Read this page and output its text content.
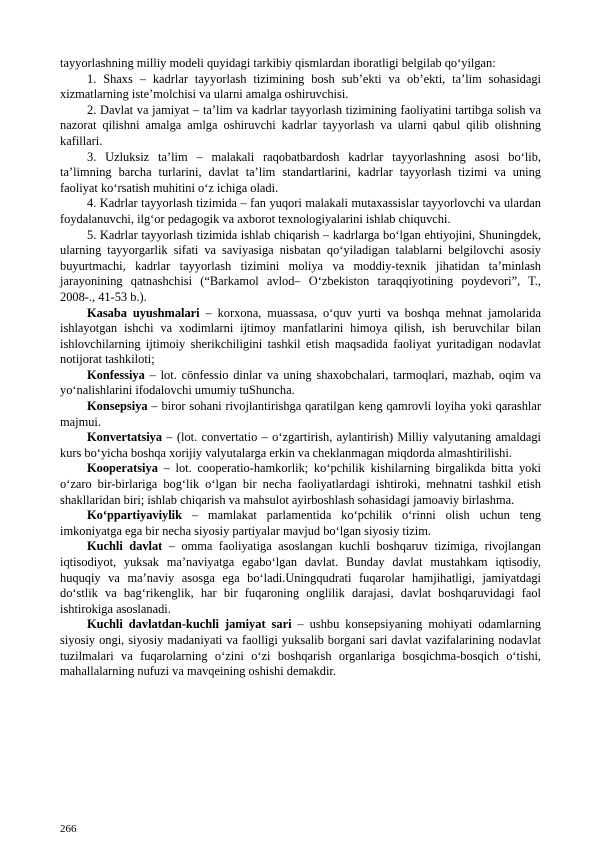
tayyorlashning milliy modeli quyidagi tarkibiy qismlardan iboratligi belgilab qo‘yilgan:

1. Shaxs – kadrlar tayyorlash tizimining bosh sub’ekti va ob’ekti, ta’lim sohasidagi xizmatlarning iste’molchisi va ularni amalga oshiruvchisi.

2. Davlat va jamiyat – ta’lim va kadrlar tayyorlash tizimining faoliyatini tartibga solish va nazorat qilishni amalga amlga oshiruvchi kadrlar tayyorlash va ularni qabul qilib olishning kafillari.

3. Uzluksiz ta’lim – malakali raqobatbardosh kadrlar tayyorlashning asosi bo‘lib, ta’limning barcha turlarini, davlat ta’lim standartlarini, kadrlar tayyorlash tizimi va uning faoliyat ko‘rsatish muhitini o‘z ichiga oladi.

4. Kadrlar tayyorlash tizimida – fan yuqori malakali mutaxassislar tayyorlovchi va ulardan foydalanuvchi, ilg‘or pedagogik va axborot texnologiyalarini ishlab chiquvchi.

5. Kadrlar tayyorlash tizimida ishlab chiqarish – kadrlarga bo‘lgan ehtiyojini, Shuningdek, ularning tayyorgarlik sifati va saviyasiga nisbatan qo‘yiladigan talablarni belgilovchi asosiy buyurtmachi, kadrlar tayyorlash tizimini moliya va moddiy-texnik jihatidan ta’minlash jarayonining qatnashchisi (“Barkamol avlod– O‘zbekiston taraqqiyotining poydevori”, T., 2008-., 41-53 b.).

Kasaba uyushmalari – korxona, muassasa, o‘quv yurti va boshqa mehnat jamolarida ishlayotgan ishchi va xodimlarni ijtimoy manfatlarini himoya qilish, ish beruvchilar bilan ishlovchilarning ijtimoiy sherikchiligini tashkil etish maqsadida faoliyat yuritadigan nodavlat notijorat tashkiloti;

Konfessiya – lot. cōnfessio dinlar va uning shaxobchalari, tarmoqlari, mazhab, oqim va yo‘nalishlarini ifodalovchi umumiy tuShuncha.

Konsepsiya – biror sohani rivojlantirishga qaratilgan keng qamrovli loyiha yoki qarashlar majmui.

Konvertatsiya – (lot. convertatio – o‘zgartirish, aylantirish) Milliy valyutaning amaldagi kurs bo‘yicha boshqa xorijiy valyutalarga erkin va cheklanmagan miqdorda almashtirilishi.

Kooperatsiya – lot. cooperatio-hamkorlik; ko‘pchilik kishilarning birgalikda bitta yoki o‘zaro bir-birlariga bog‘lik o‘lgan bir necha faoliyatlardagi ishtiroki, mehnatni tashkil etish shakllaridan biri; ishlab chiqarish va mahsulot ayirboshlash sohasidagi jamoaviy birlashma.

Ko‘ppartiyaviylik – mamlakat parlamentida ko‘pchilik o‘rinni olish uchun teng imkoniyatga ega bir necha siyosiy partiyalar mavjud bo‘lgan siyosiy tizim.

Kuchli davlat – omma faoliyatiga asoslangan kuchli boshqaruv tizimiga, rivojlangan iqtisodiyot, yuksak ma’naviyatga egabo‘lgan davlat. Bunday davlat mustahkam iqtisodiy, huquqiy va ma’naviy asosga ega bo‘ladi.Uningqudrati fuqarolar hamjihatligi, jamiyatdagi do‘stlik va bag‘rikenglik, har bir fuqaroning onglilik darajasi, davlat boshqaruvidagi faol ishtirokiga asoslanadi.

Kuchli davlatdan-kuchli jamiyat sari – ushbu konsepsiyaning mohiyati odamlarning siyosiy ongi, siyosiy madaniyati va faolligi yuksalib borgani sari davlat vazifalarining nodavlat tuzilmalari va fuqarolarning o‘zini o‘zi boshqarish organlariga bosqichma-bosqich o‘tishi, mahallalarning nufuzi va mavqeining oshishi demakdir.

266
